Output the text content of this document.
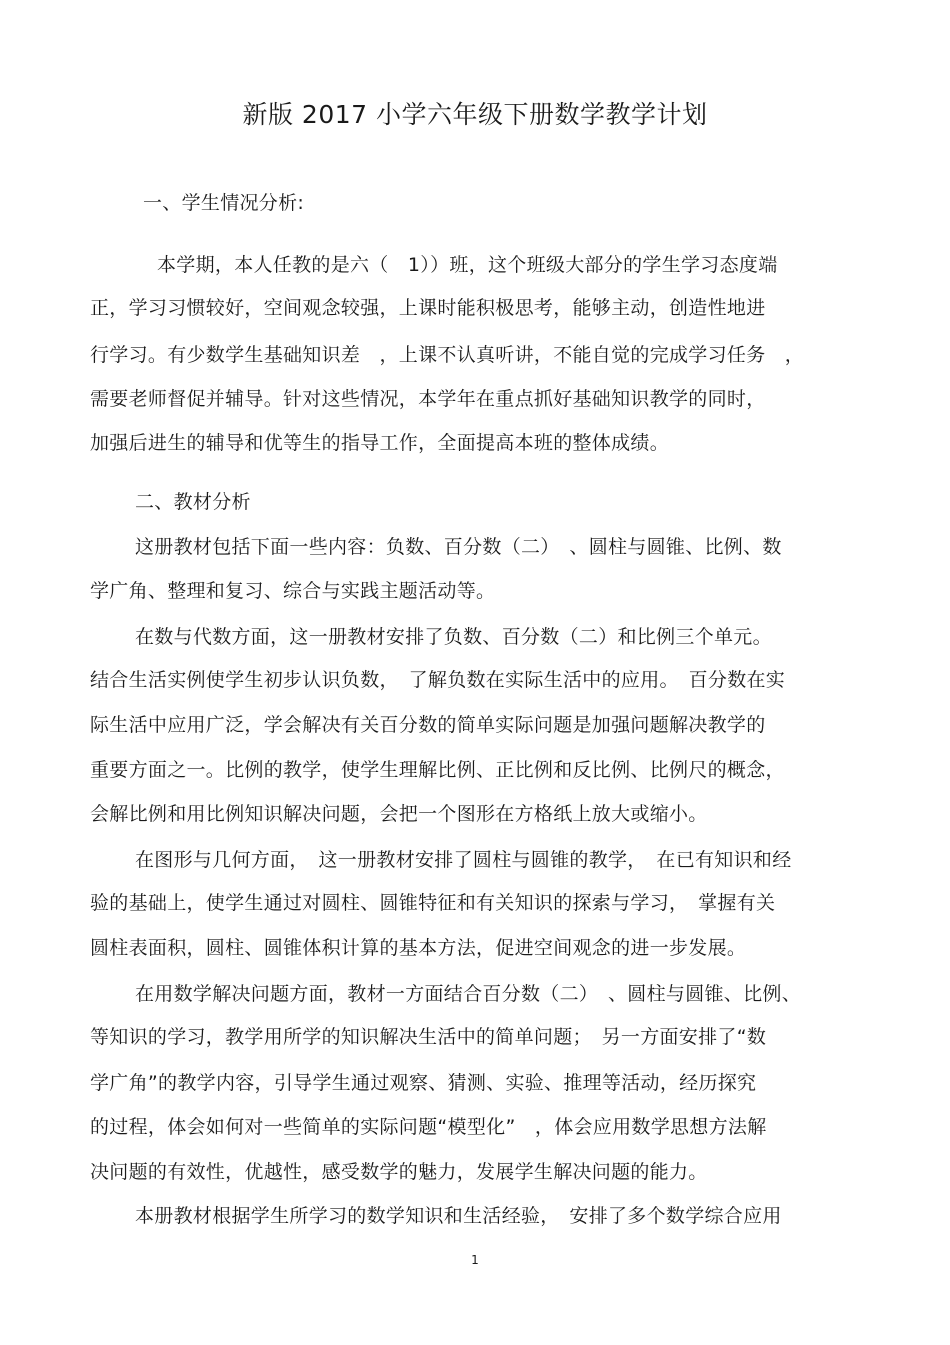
新版 2017 小学六年级下册数学教学计划
一、学生情况分析:
本学期，本人任教的是六（　1））班，这个班级大部分的学生学习态度端
正，学习习惯较好，空间观念较强，上课时能积极思考，能够主动，创造性地进
行学习。有少数学生基础知识差　，上课不认真听讲，不能自觉的完成学习任务　，
需要老师督促并辅导。针对这些情况，本学年在重点抓好基础知识教学的同时，
加强后进生的辅导和优等生的指导工作，全面提高本班的整体成绩。
二、教材分析
这册教材包括下面一些内容：负数、百分数（二）　、圆柱与圆锥、比例、数
学广角、整理和复习、综合与实践主题活动等。
在数与代数方面，这一册教材安排了负数、百分数（二）和比例三个单元。
结合生活实例使学生初步认识负数，　了解负数在实际生活中的应用。　百分数在实
际生活中应用广泛，学会解决有关百分数的简单实际问题是加强问题解决教学的
重要方面之一。比例的教学，使学生理解比例、正比例和反比例、比例尺的概念，
会解比例和用比例知识解决问题，会把一个图形在方格纸上放大或缩小。
在图形与几何方面，　这一册教材安排了圆柱与圆锥的教学，　在已有知识和经
验的基础上，使学生通过对圆柱、圆锥特征和有关知识的探索与学习，　掌握有关
圆柱表面积，圆柱、圆锥体积计算的基本方法，促进空间观念的进一步发展。
在用数学解决问题方面，教材一方面结合百分数（二）　、圆柱与圆锥、比例、
等知识的学习，教学用所学的知识解决生活中的简单问题；　另一方面安排了“数
学广角”的教学内容，引导学生通过观察、猜测、实验、推理等活动，经历探究
的过程，体会如何对一些简单的实际问题“模型化”　，体会应用数学思想方法解
决问题的有效性，优越性，感受数学的魅力，发展学生解决问题的能力。
本册教材根据学生所学习的数学知识和生活经验，　安排了多个数学综合应用
1
